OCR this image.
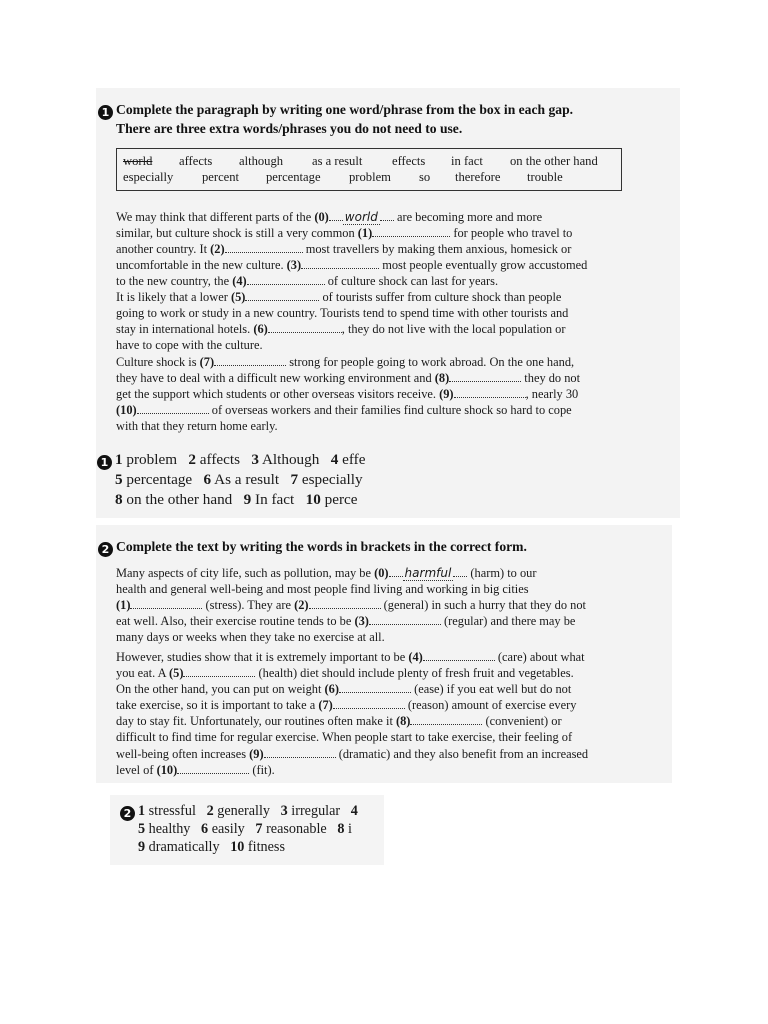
1 Complete the paragraph by writing one word/phrase from the box in each gap.
There are three extra words/phrases you do not need to use.
world affects although as a result effects in fact on the other hand
especially percent percentage problem so therefore trouble
We may think that different parts of the (0) world are becoming more and more
similar, but culture shock is still a very common (1)	for people who travel to
another country. It (2)	most travellers by making them anxious, homesick or
uncomfortable in the new culture. (3)	most people eventually grow accustomed
to the new country, the (4)	of culture shock can last for years.
It is likely that a lower (5)	of tourists suffer from culture shock than people
going to work or study in a new country. Tourists tend to spend time with other tourists and
stay in international hotels. (6)	, they do not live with the local population or
have to cope with the culture.
Culture shock is (7)	strong for people going to work abroad. On the one hand,
they have to deal with a difficult new working environment and (8)	they do not
get the support which students or other overseas visitors receive. (9)	, nearly 30
(10)	of overseas workers and their families find culture shock so hard to cope
with that they return home early.
1 1 problem 2 affects 3 Although 4 effe
5 percentage 6 As a result 7 especially
8 on the other hand 9 In fact 10 perce
2 Complete the text by writing the words in brackets in the correct form.
Many aspects of city life, such as pollution, may be (0) harmful (harm) to our
health and general well-being and most people find living and working in big cities
(1)	(stress). They are (2)	(general) in such a hurry that they do not
eat well. Also, their exercise routine tends to be (3)	(regular) and there may be
many days or weeks when they take no exercise at all.
However, studies show that it is extremely important to be (4)	(care) about what
you eat. A (5)	(health) diet should include plenty of fresh fruit and vegetables.
On the other hand, you can put on weight (6)	(ease) if you eat well but do not
take exercise, so it is important to take a (7)	(reason) amount of exercise every
day to stay fit. Unfortunately, our routines often make it (8)	(convenient) or
difficult to find time for regular exercise. When people start to take exercise, their feeling of
well-being often increases (9)	(dramatic) and they also benefit from an increased
level of (10)	(fit).
2 1 stressful 2 generally 3 irregular 4
5 healthy 6 easily 7 reasonable 8 i
9 dramatically 10 fitness
